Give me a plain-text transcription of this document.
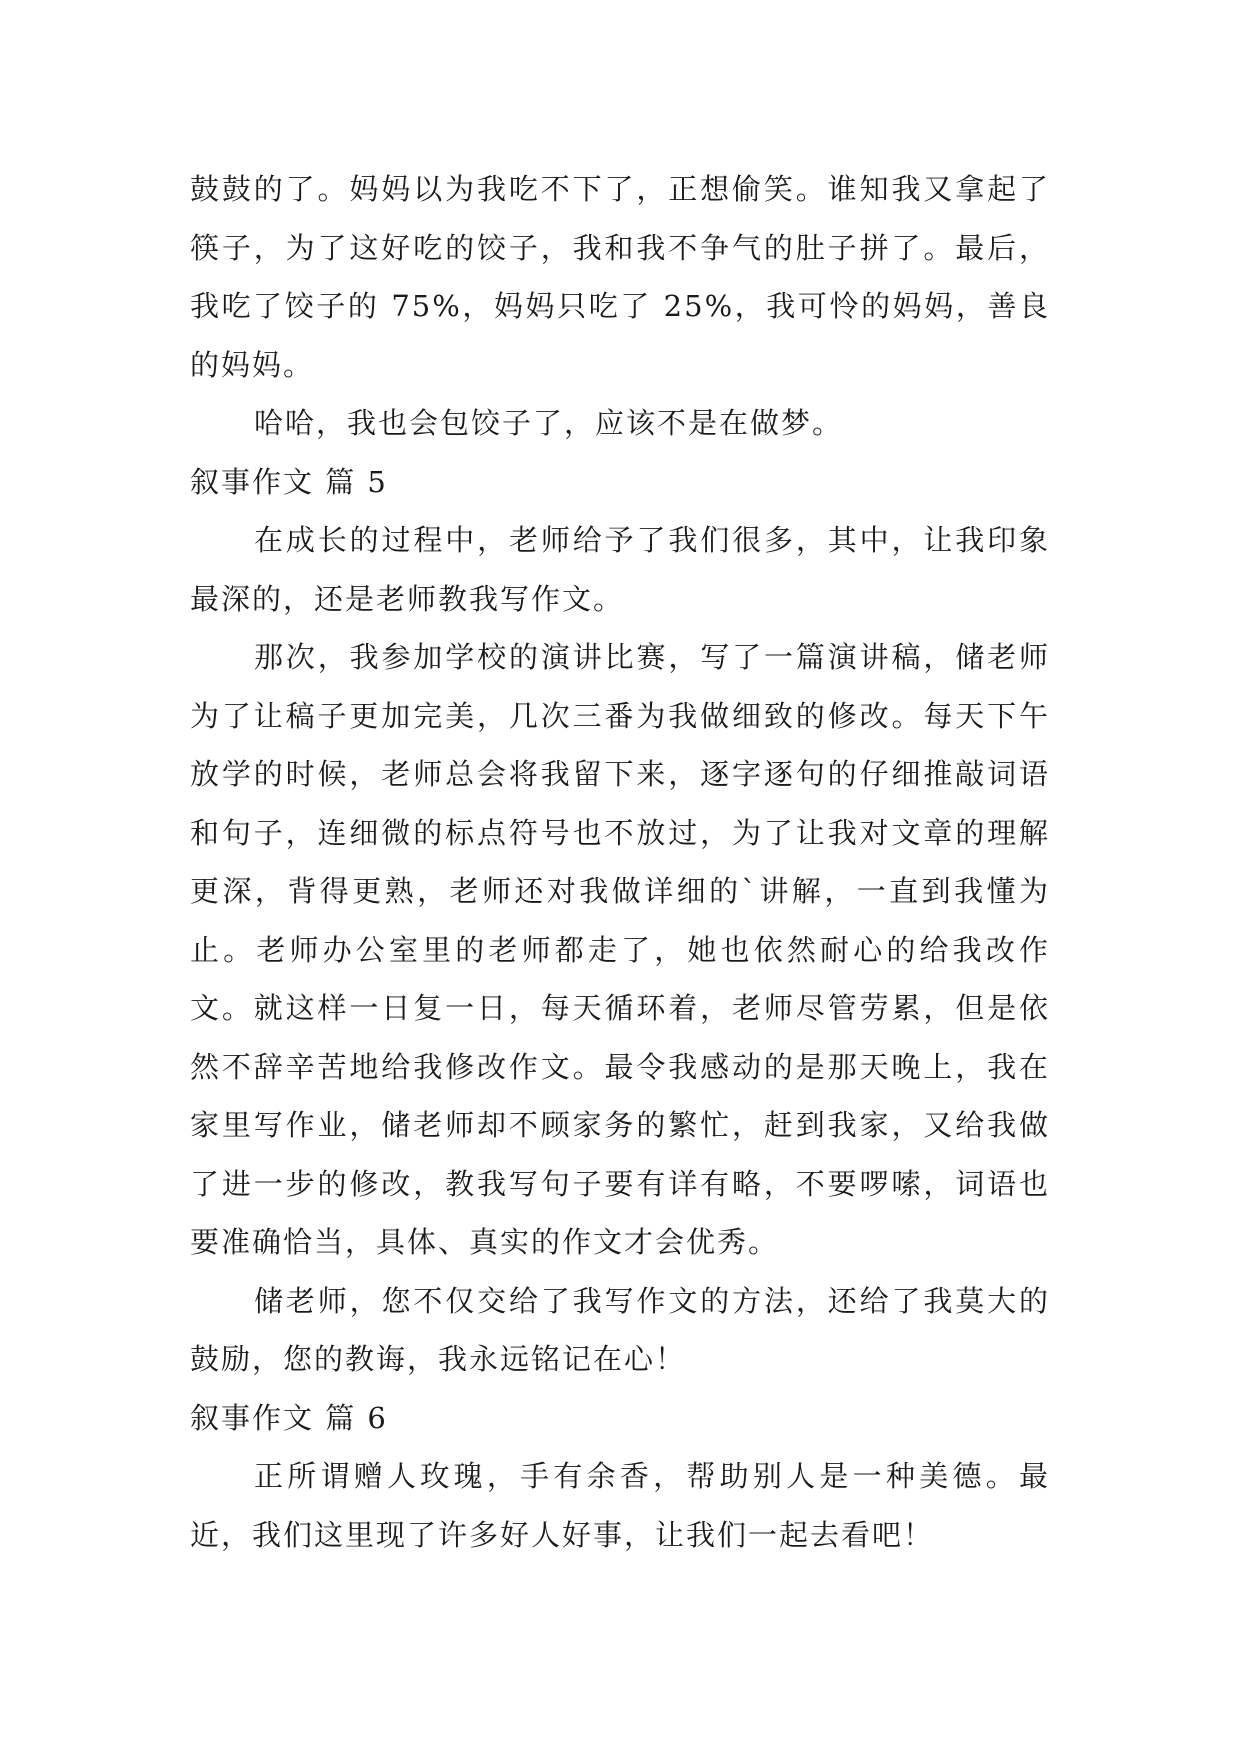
鼓鼓的了。妈妈以为我吃不下了，正想偷笑。谁知我又拿起了筷子，为了这好吃的饺子，我和我不争气的肚子拼了。最后，我吃了饺子的 75%，妈妈只吃了 25%，我可怜的妈妈，善良的妈妈。

哈哈，我也会包饺子了，应该不是在做梦。

叙事作文 篇 5

在成长的过程中，老师给予了我们很多，其中，让我印象最深的，还是老师教我写作文。

那次，我参加学校的演讲比赛，写了一篇演讲稿，储老师为了让稿子更加完美，几次三番为我做细致的修改。每天下午放学的时候，老师总会将我留下来，逐字逐句的仔细推敲词语和句子，连细微的标点符号也不放过，为了让我对文章的理解更深，背得更熟，老师还对我做详细的`讲解，一直到我懂为止。老师办公室里的老师都走了，她也依然耐心的给我改作文。就这样一日复一日，每天循环着，老师尽管劳累，但是依然不辞辛苦地给我修改作文。最令我感动的是那天晚上，我在家里写作业，储老师却不顾家务的繁忙，赶到我家，又给我做了进一步的修改，教我写句子要有详有略，不要啰嗦，词语也要准确恰当，具体、真实的作文才会优秀。

储老师，您不仅交给了我写作文的方法，还给了我莫大的鼓励，您的教诲，我永远铭记在心！

叙事作文 篇 6

正所谓赠人玫瑰，手有余香，帮助别人是一种美德。最近，我们这里现了许多好人好事，让我们一起去看吧！
